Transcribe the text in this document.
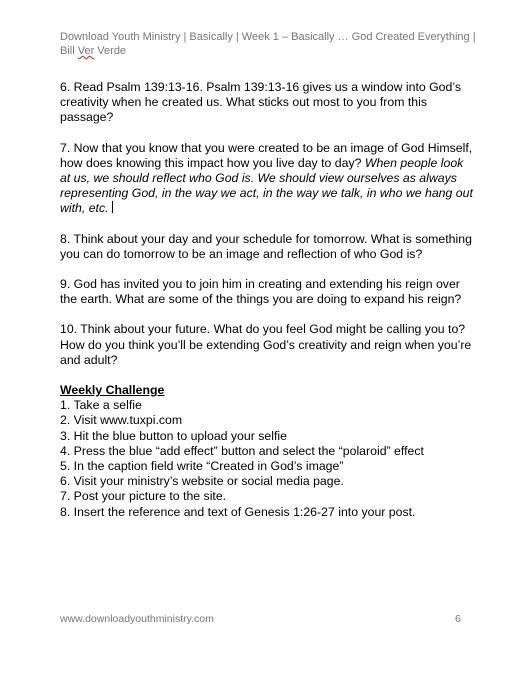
Download Youth Ministry | Basically | Week 1 – Basically … God Created Everything |
Bill Ver Verde

6. Read Psalm 139:13-16. Psalm 139:13-16 gives us a window into God’s creativity when he created us. What sticks out most to you from this passage?

7. Now that you know that you were created to be an image of God Himself, how does knowing this impact how you live day to day? When people look at us, we should reflect who God is. We should view ourselves as always representing God, in the way we act, in the way we talk, in who we hang out with, etc.

8. Think about your day and your schedule for tomorrow. What is something you can do tomorrow to be an image and reflection of who God is?

9. God has invited you to join him in creating and extending his reign over the earth. What are some of the things you are doing to expand his reign?

10. Think about your future. What do you feel God might be calling you to? How do you think you’ll be extending God’s creativity and reign when you’re and adult?

Weekly Challenge

1. Take a selfie
2. Visit www.tuxpi.com
3. Hit the blue button to upload your selfie
4. Press the blue “add effect” button and select the “polaroid” effect
5. In the caption field write “Created in God’s image”
6. Visit your ministry’s website or social media page.
7. Post your picture to the site.
8. Insert the reference and text of Genesis 1:26-27 into your post.
www.downloadyouthministry.com	6
